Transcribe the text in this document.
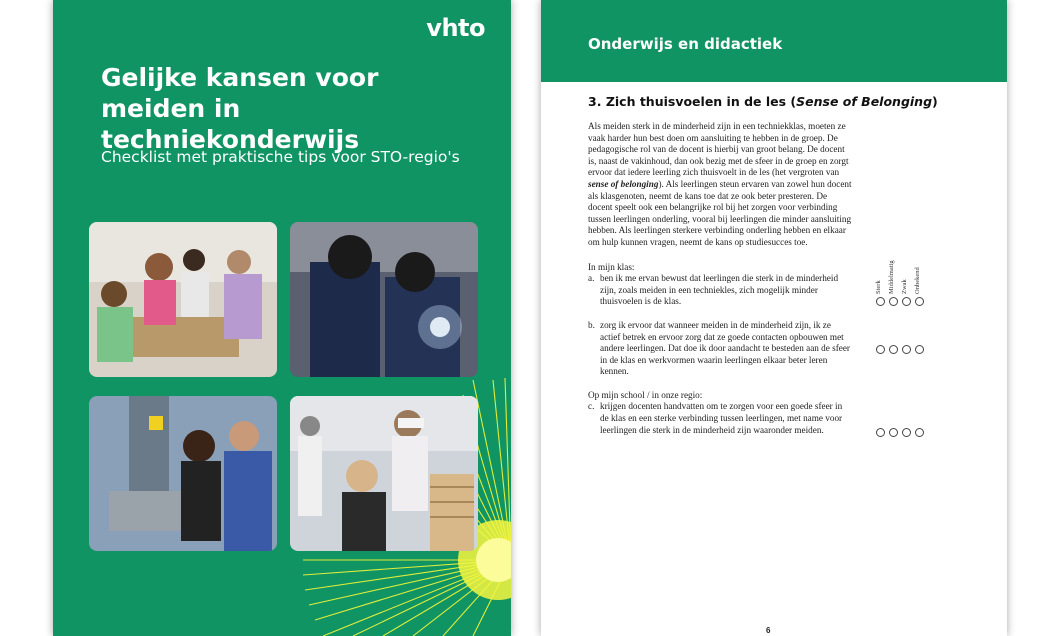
vhto
Gelijke kansen voor meiden in techniekonderwijs
Checklist met praktische tips voor STO-regio's
Onderwijs en didactiek
3. Zich thuisvoelen in de les (Sense of Belonging)

Als meiden sterk in de minderheid zijn in een techniekklas, moeten ze vaak harder hun best doen om aansluiting te hebben in de groep. De pedagogische rol van de docent is hierbij van groot belang. De docent is, naast de vakinhoud, dan ook bezig met de sfeer in de groep en zorgt ervoor dat iedere leerling zich thuisvoelt in de les (het vergroten van sense of belonging). Als leerlingen steun ervaren van zowel hun docent als klasgenoten, neemt de kans toe dat ze ook beter presteren. De docent speelt ook een belangrijke rol bij het zorgen voor verbinding tussen leerlingen onderling, vooral bij leerlingen die minder aansluiting hebben. Als leerlingen sterkere verbinding onderling hebben en elkaar om hulp kunnen vragen, neemt de kans op studiesucces toe.

In mijn klas:

a. ben ik me ervan bewust dat leerlingen die sterk in de minderheid zijn, zoals meiden in een techniekles, zich mogelijk minder thuisvoelen is de klas.
b. zorg ik ervoor dat wanneer meiden in de minderheid zijn, ik ze actief betrek en ervoor zorg dat ze goede contacten opbouwen met andere leerlingen. Dat doe ik door aandacht te besteden aan de sfeer in de klas en werkvormen waarin leerlingen elkaar beter leren kennen.

Op mijn school / in onze regio:

c. krijgen docenten handvatten om te zorgen voor een goede sfeer in de klas en een sterke verbinding tussen leerlingen, met name voor leerlingen die sterk in de minderheid zijn waaronder meiden.
Sterk Middelmatig Zwak Onbekend
6
